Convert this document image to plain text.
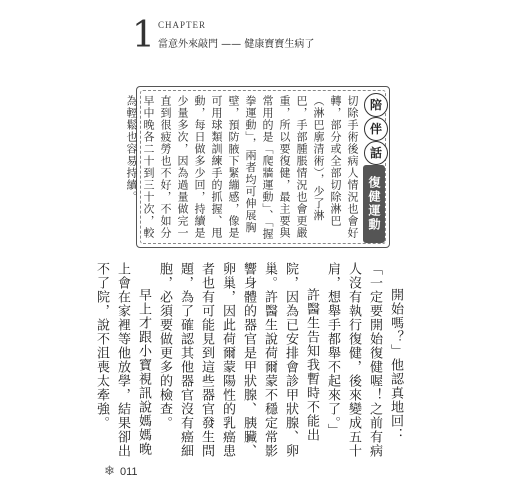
1 CHAPTER
當意外來敲門 —— 健康寶寶生病了
切除手術後病人情況也會好轉，部分或全部切除淋巴（淋巴廓清術），少了淋巴，手部腫脹情況也會更嚴重，所以要復健，最主要與常用的是「爬牆運動」、「握拳運動」，兩者均可伸展胸壁，預防腋下緊繃感，像是可用球類訓練手的抓握、甩動，每日做多少回，持續是少量多次，因為過量做完一直到很疲勞也不好，不如分早中晚各二十到三十次，較為輕鬆也容易持續。	陪
伴
話
復健運動

開始嗎？」他認真地回：「一定要開始復健喔！之前有病人沒有執行復健，後來變成五十肩，想舉手都舉不起來了。」

許醫生告知我暫時不能出院，因為已安排會診甲狀腺、卵巢。許醫生說荷爾蒙不穩定常影響身體的器官是甲狀腺、胰臟、卵巢，因此荷爾蒙陽性的乳癌患者也有可能見到這些器官發生問題，為了確認其他器官沒有癌細胞，必須要做更多的檢查。

早上才跟小寶視訊說媽媽晚上會在家裡等他放學，結果卻出不了院，說不沮喪太牽強。

❄ 011
